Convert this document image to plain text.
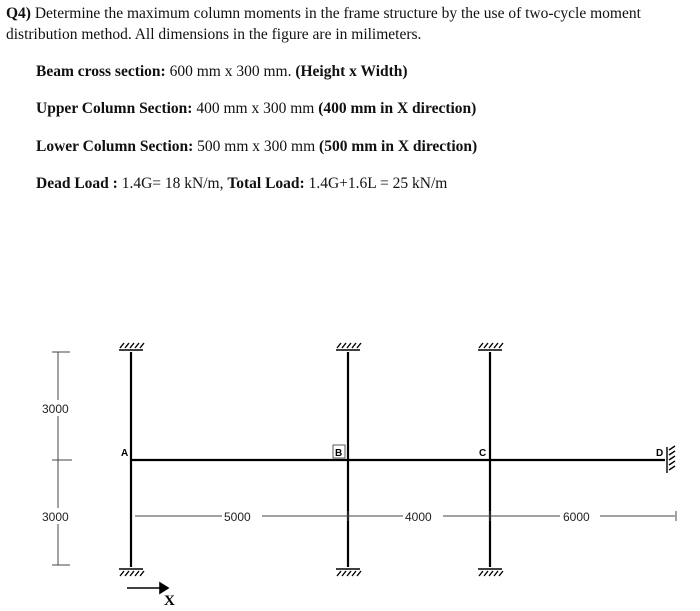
Q4) Determine the maximum column moments in the frame structure by the use of two-cycle moment distribution method. All dimensions in the figure are in milimeters.
Beam cross section: 600 mm x 300 mm. (Height x Width)
Upper Column Section: 400 mm x 300 mm (400 mm in X direction)
Lower Column Section: 500 mm x 300 mm (500 mm in X direction)
Dead Load : 1.4G= 18 kN/m, Total Load: 1.4G+1.6L = 25 kN/m
3000
3000
A	B	C	D
5000	4000	6000
X
